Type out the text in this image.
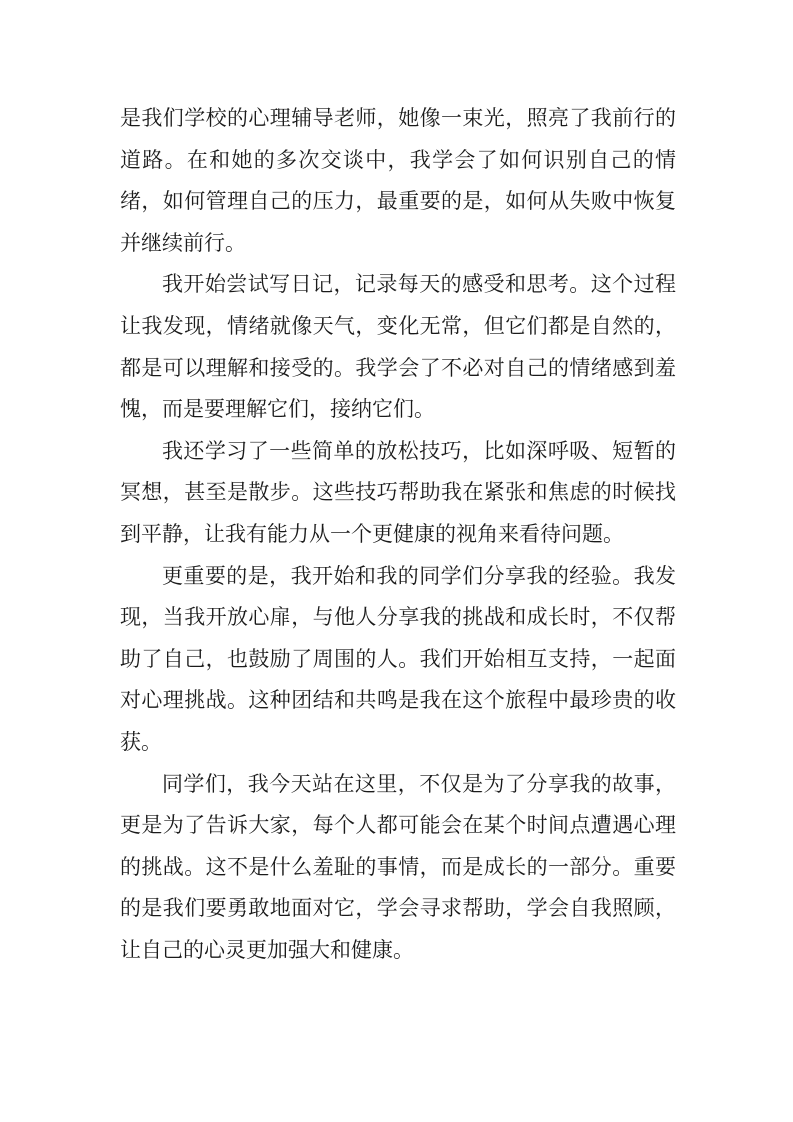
是我们学校的心理辅导老师，她像一束光，照亮了我前行的道路。在和她的多次交谈中，我学会了如何识别自己的情绪，如何管理自己的压力，最重要的是，如何从失败中恢复并继续前行。

我开始尝试写日记，记录每天的感受和思考。这个过程让我发现，情绪就像天气，变化无常，但它们都是自然的，都是可以理解和接受的。我学会了不必对自己的情绪感到羞愧，而是要理解它们，接纳它们。

我还学习了一些简单的放松技巧，比如深呼吸、短暂的冥想，甚至是散步。这些技巧帮助我在紧张和焦虑的时候找到平静，让我有能力从一个更健康的视角来看待问题。

更重要的是，我开始和我的同学们分享我的经验。我发现，当我开放心扉，与他人分享我的挑战和成长时，不仅帮助了自己，也鼓励了周围的人。我们开始相互支持，一起面对心理挑战。这种团结和共鸣是我在这个旅程中最珍贵的收获。

同学们，我今天站在这里，不仅是为了分享我的故事，更是为了告诉大家，每个人都可能会在某个时间点遭遇心理的挑战。这不是什么羞耻的事情，而是成长的一部分。重要的是我们要勇敢地面对它，学会寻求帮助，学会自我照顾，让自己的心灵更加强大和健康。
